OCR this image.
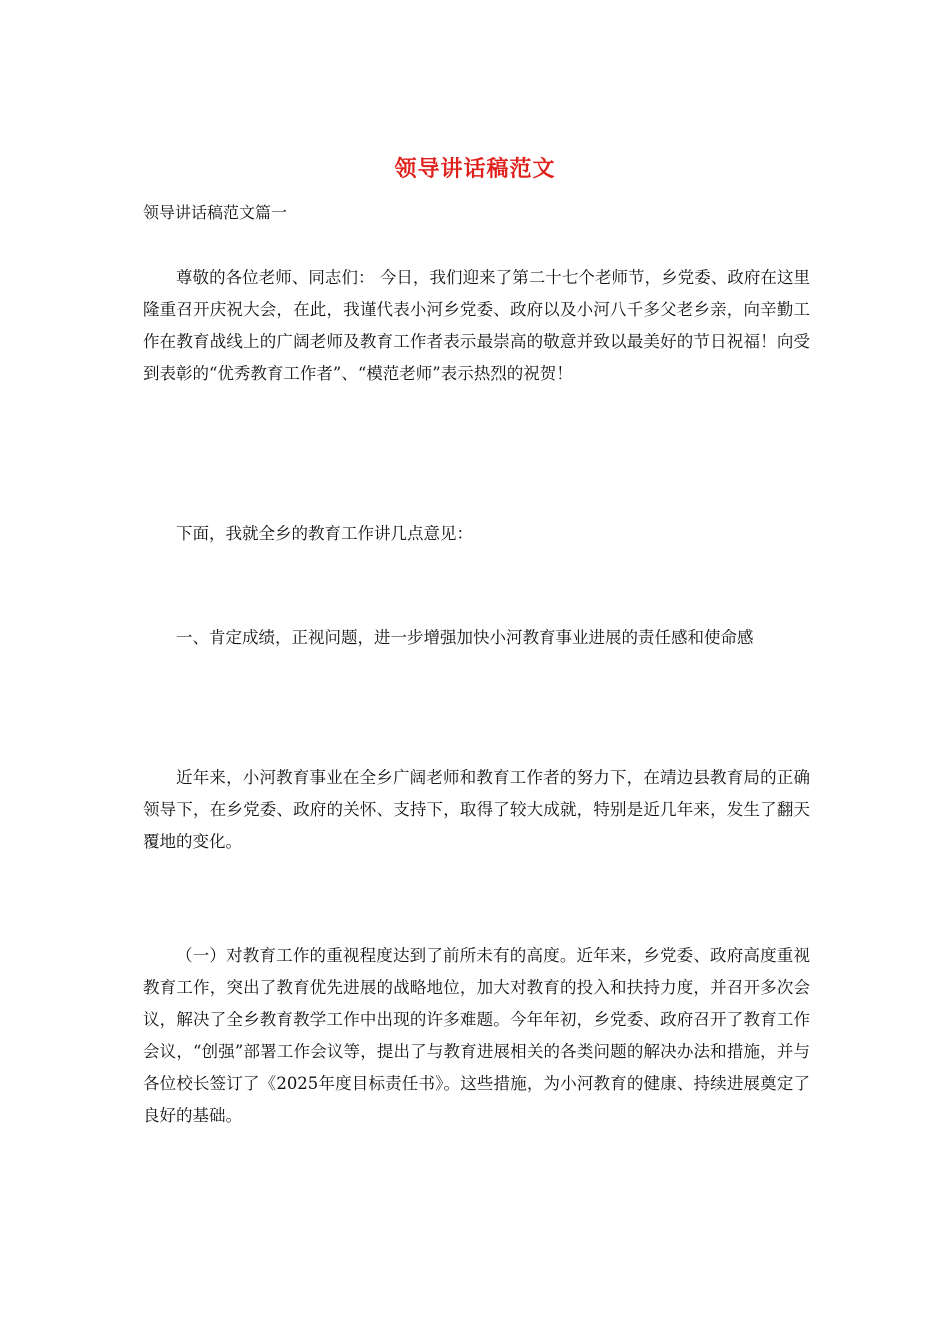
领导讲话稿范文

领导讲话稿范文篇一

尊敬的各位老师、同志们： 今日，我们迎来了第二十七个老师节，乡党委、政府在这里隆重召开庆祝大会，在此，我谨代表小河乡党委、政府以及小河八千多父老乡亲，向辛勤工作在教育战线上的广阔老师及教育工作者表示最崇高的敬意并致以最美好的节日祝福！向受到表彰的“优秀教育工作者”、“模范老师”表示热烈的祝贺！

下面，我就全乡的教育工作讲几点意见：

一、肯定成绩，正视问题，进一步增强加快小河教育事业进展的责任感和使命感

近年来，小河教育事业在全乡广阔老师和教育工作者的努力下，在靖边县教育局的正确领导下，在乡党委、政府的关怀、支持下，取得了较大成就，特别是近几年来，发生了翻天覆地的变化。

（一）对教育工作的重视程度达到了前所未有的高度。近年来，乡党委、政府高度重视教育工作，突出了教育优先进展的战略地位，加大对教育的投入和扶持力度，并召开多次会议，解决了全乡教育教学工作中出现的许多难题。今年年初，乡党委、政府召开了教育工作会议，“创强”部署工作会议等，提出了与教育进展相关的各类问题的解决办法和措施，并与各位校长签订了《2025年度目标责任书》。这些措施，为小河教育的健康、持续进展奠定了良好的基础。
